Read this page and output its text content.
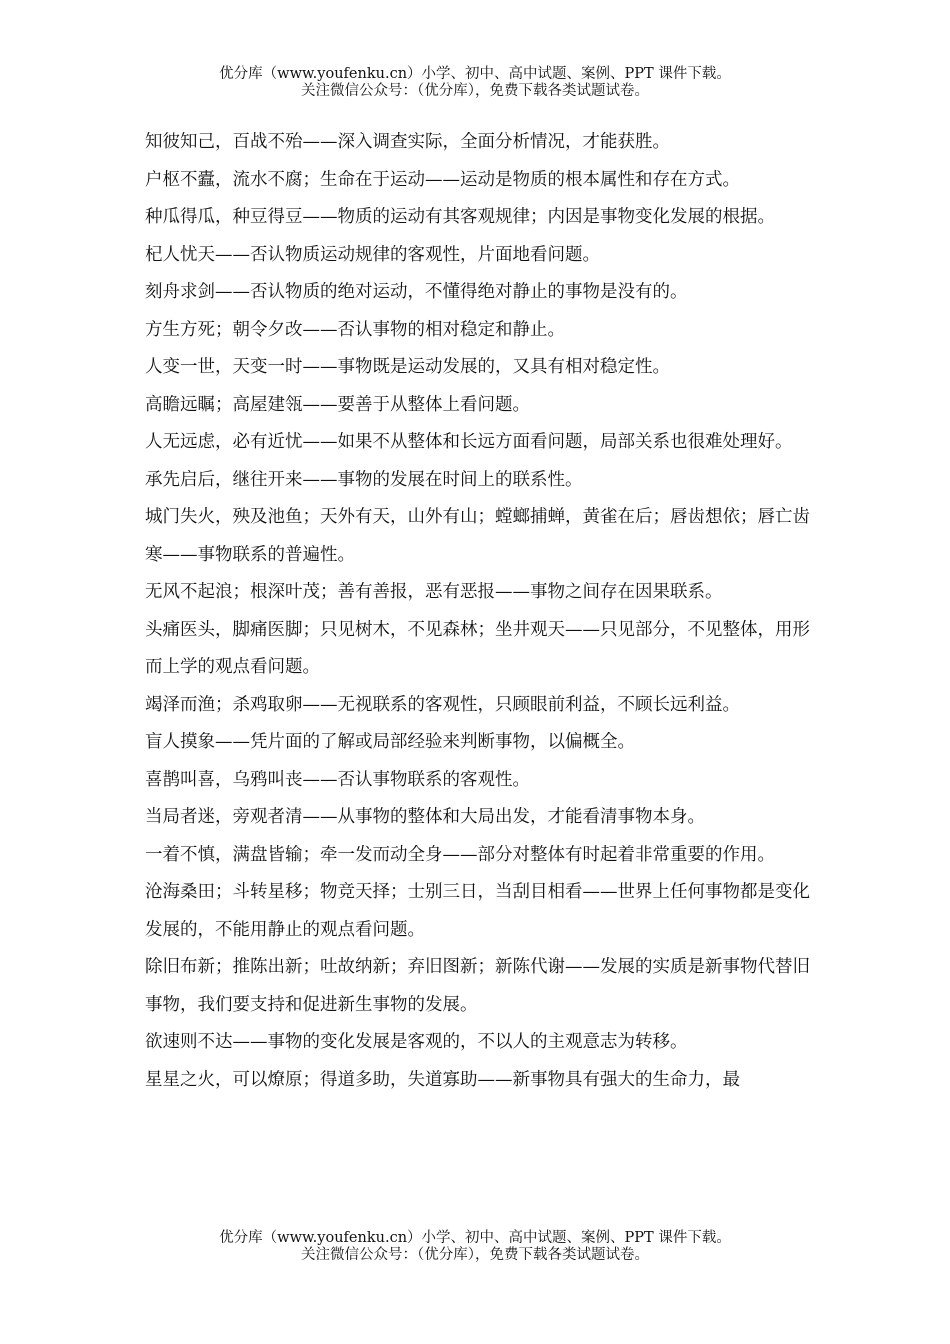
优分库（www.youfenku.cn）小学、初中、高中试题、案例、PPT 课件下载。
关注微信公众号：（优分库），免费下载各类试题试卷。

知彼知己，百战不殆——深入调查实际，全面分析情况，才能获胜。

户枢不蠹，流水不腐；生命在于运动——运动是物质的根本属性和存在方式。

种瓜得瓜，种豆得豆——物质的运动有其客观规律；内因是事物变化发展的根据。

杞人忧天——否认物质运动规律的客观性，片面地看问题。

刻舟求剑——否认物质的绝对运动，不懂得绝对静止的事物是没有的。

方生方死；朝令夕改——否认事物的相对稳定和静止。

人变一世，天变一时——事物既是运动发展的，又具有相对稳定性。

高瞻远瞩；高屋建瓴——要善于从整体上看问题。

人无远虑，必有近忧——如果不从整体和长远方面看问题，局部关系也很难处理好。

承先启后，继往开来——事物的发展在时间上的联系性。

城门失火，殃及池鱼；天外有天，山外有山；螳螂捕蝉，黄雀在后；唇齿想依；唇亡齿寒——事物联系的普遍性。

无风不起浪；根深叶茂；善有善报，恶有恶报——事物之间存在因果联系。

头痛医头，脚痛医脚；只见树木，不见森林；坐井观天——只见部分，不见整体，用形而上学的观点看问题。

竭泽而渔；杀鸡取卵——无视联系的客观性，只顾眼前利益，不顾长远利益。

盲人摸象——凭片面的了解或局部经验来判断事物，以偏概全。

喜鹊叫喜，乌鸦叫丧——否认事物联系的客观性。

当局者迷，旁观者清——从事物的整体和大局出发，才能看清事物本身。

一着不慎，满盘皆输；牵一发而动全身——部分对整体有时起着非常重要的作用。

沧海桑田；斗转星移；物竞天择；士别三日，当刮目相看——世界上任何事物都是变化发展的，不能用静止的观点看问题。

除旧布新；推陈出新；吐故纳新；弃旧图新；新陈代谢——发展的实质是新事物代替旧事物，我们要支持和促进新生事物的发展。

欲速则不达——事物的变化发展是客观的，不以人的主观意志为转移。

星星之火，可以燎原；得道多助，失道寡助——新事物具有强大的生命力，最

优分库（www.youfenku.cn）小学、初中、高中试题、案例、PPT 课件下载。
关注微信公众号：（优分库），免费下载各类试题试卷。
